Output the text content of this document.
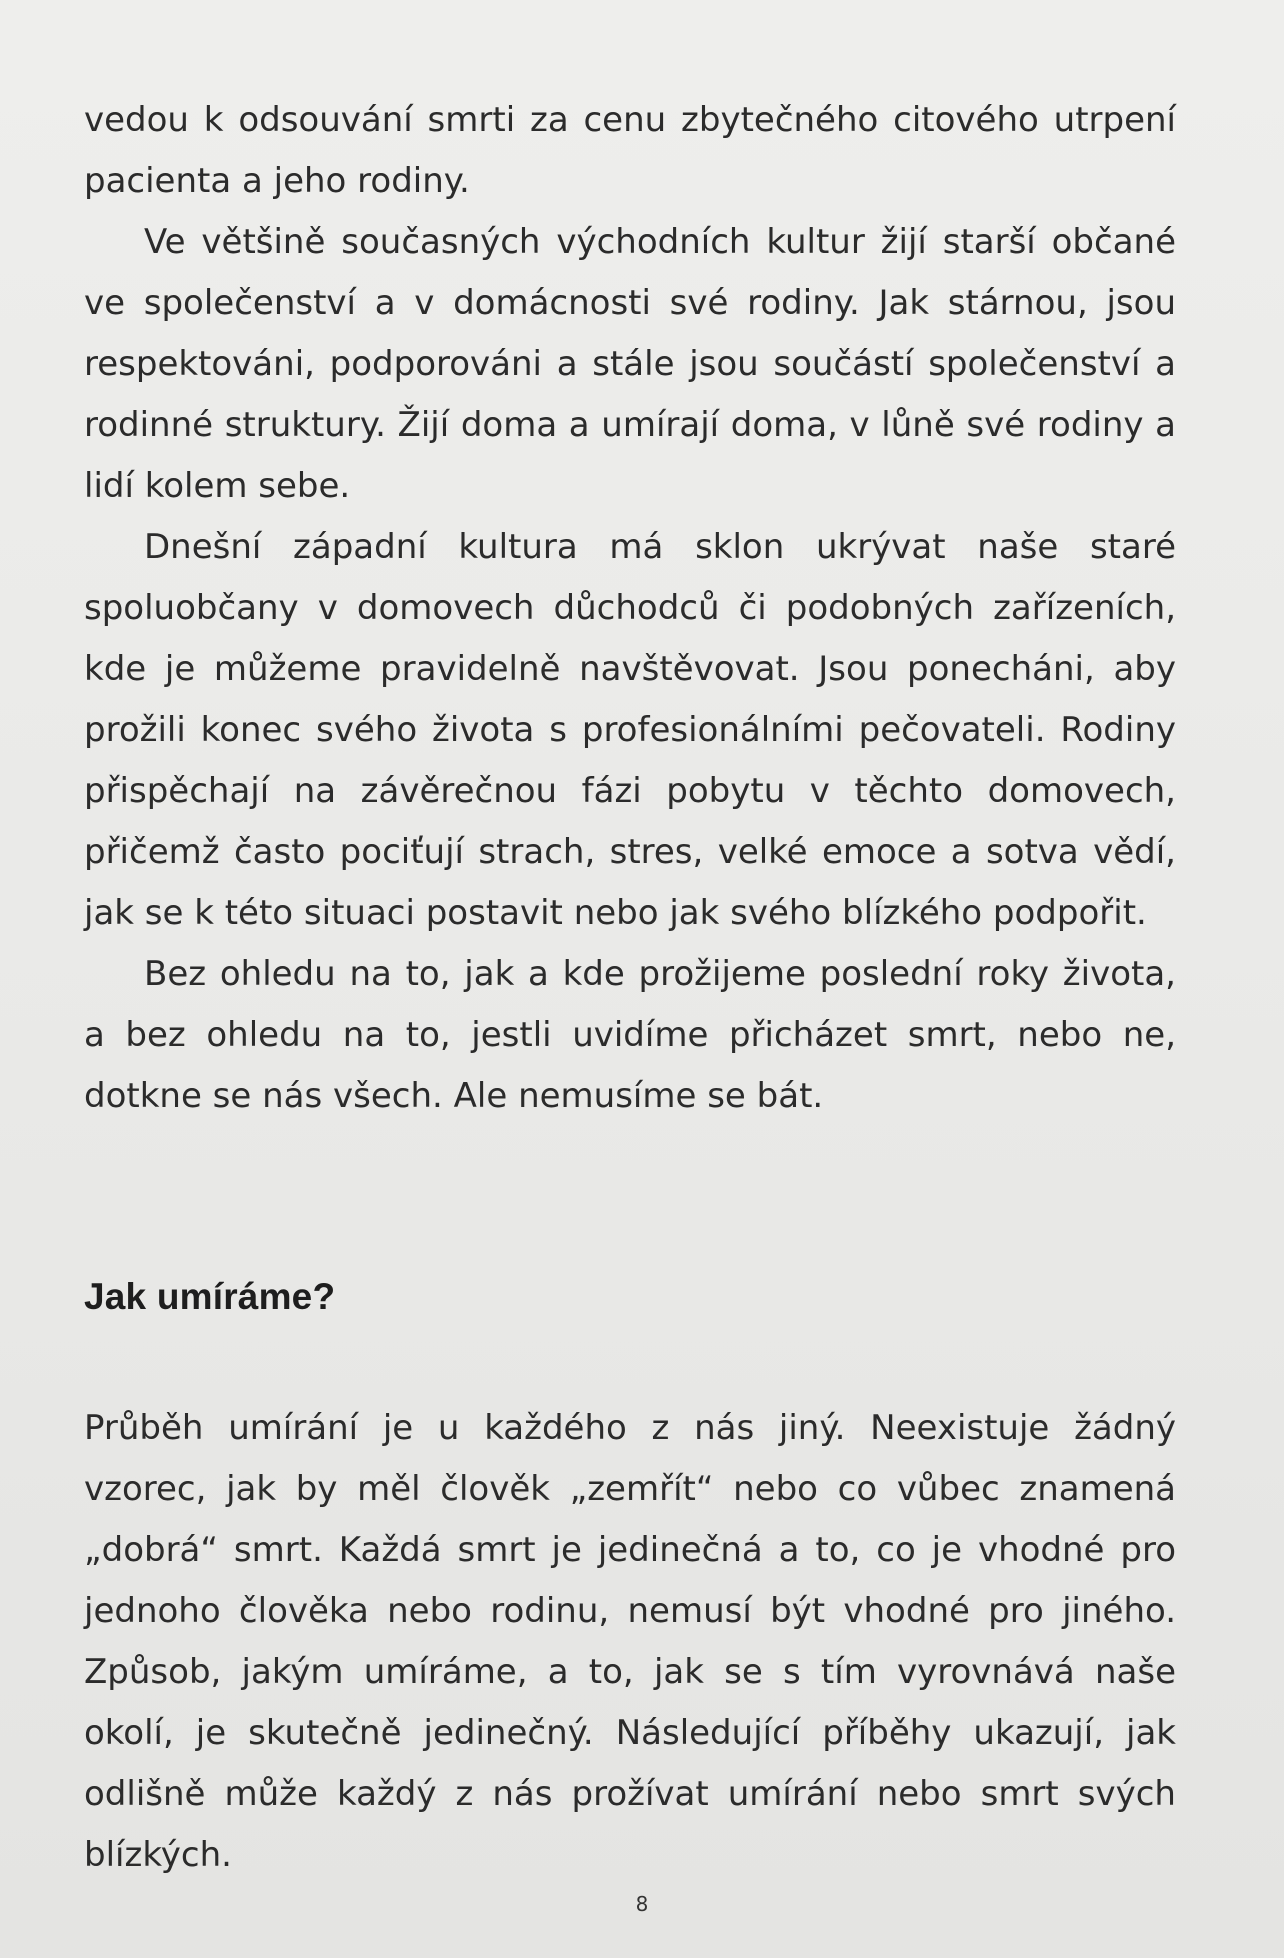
vedou k odsouvání smrti za cenu zbytečného citového utrpení pacienta a jeho rodiny.

Ve většině současných východních kultur žijí starší občané ve společenství a v domácnosti své rodiny. Jak stárnou, jsou respektováni, podporováni a stále jsou součástí společenství a rodinné struktury. Žijí doma a umírají doma, v lůně své rodiny a lidí kolem sebe.

Dnešní západní kultura má sklon ukrývat naše staré spoluobčany v domovech důchodců či podobných zařízeních, kde je můžeme pravidelně navštěvovat. Jsou ponecháni, aby prožili konec svého života s profesionálními pečovateli. Rodiny přispěchají na závěrečnou fázi pobytu v těchto domovech, přičemž často pociťují strach, stres, velké emoce a sotva vědí, jak se k této situaci postavit nebo jak svého blízkého podpořit.

Bez ohledu na to, jak a kde prožijeme poslední roky života, a bez ohledu na to, jestli uvidíme přicházet smrt, nebo ne, dotkne se nás všech. Ale nemusíme se bát.

Jak umíráme?

Průběh umírání je u každého z nás jiný. Neexistuje žádný vzorec, jak by měl člověk „zemřít“ nebo co vůbec znamená „dobrá“ smrt. Každá smrt je jedinečná a to, co je vhodné pro jednoho člověka nebo rodinu, nemusí být vhodné pro jiného. Způsob, jakým umíráme, a to, jak se s tím vyrovnává naše okolí, je skutečně jedinečný. Následující příběhy ukazují, jak odlišně může každý z nás prožívat umírání nebo smrt svých blízkých.

8
